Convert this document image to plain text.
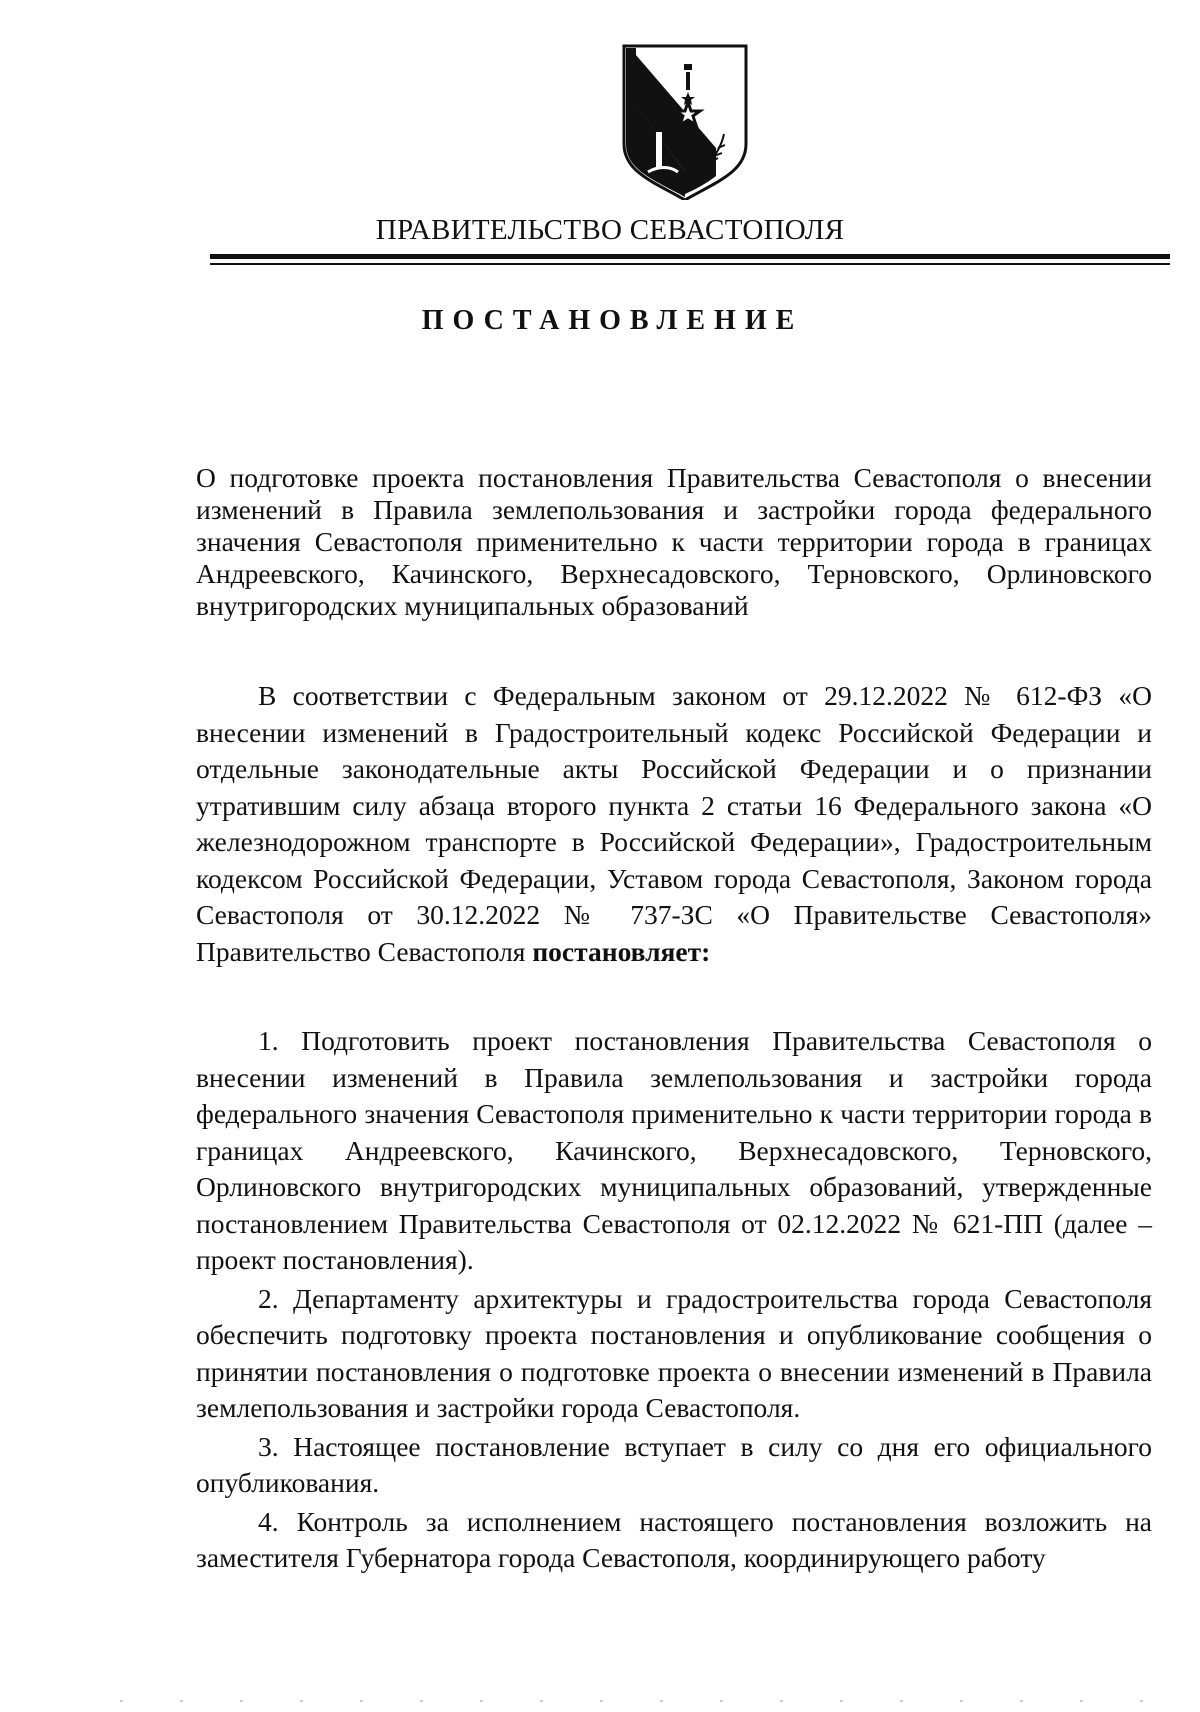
ПРАВИТЕЛЬСТВО СЕВАСТОПОЛЯ
ПОСТАНОВЛЕНИЕ
О подготовке проекта постановления Правительства Севастополя о внесении изменений в Правила землепользования и застройки города федерального значения Севастополя применительно к части территории города в границах Андреевского, Качинского, Верхнесадовского, Терновского, Орлиновского внутригородских муниципальных образований

В соответствии с Федеральным законом от 29.12.2022 № 612-ФЗ «О внесении изменений в Градостроительный кодекс Российской Федерации и отдельные законодательные акты Российской Федерации и о признании утратившим силу абзаца второго пункта 2 статьи 16 Федерального закона «О железнодорожном транспорте в Российской Федерации», Градостроительным кодексом Российской Федерации, Уставом города Севастополя, Законом города Севастополя от 30.12.2022 № 737-ЗС «О Правительстве Севастополя» Правительство Севастополя постановляет:

1. Подготовить проект постановления Правительства Севастополя о внесении изменений в Правила землепользования и застройки города федерального значения Севастополя применительно к части территории города в границах Андреевского, Качинского, Верхнесадовского, Терновского, Орлиновского внутригородских муниципальных образований, утвержденные постановлением Правительства Севастополя от 02.12.2022 № 621-ПП (далее – проект постановления).

2. Департаменту архитектуры и градостроительства города Севастополя обеспечить подготовку проекта постановления и опубликование сообщения о принятии постановления о подготовке проекта о внесении изменений в Правила землепользования и застройки города Севастополя.

3. Настоящее постановление вступает в силу со дня его официального опубликования.

4. Контроль за исполнением настоящего постановления возложить на заместителя Губернатора города Севастополя, координирующего работу
